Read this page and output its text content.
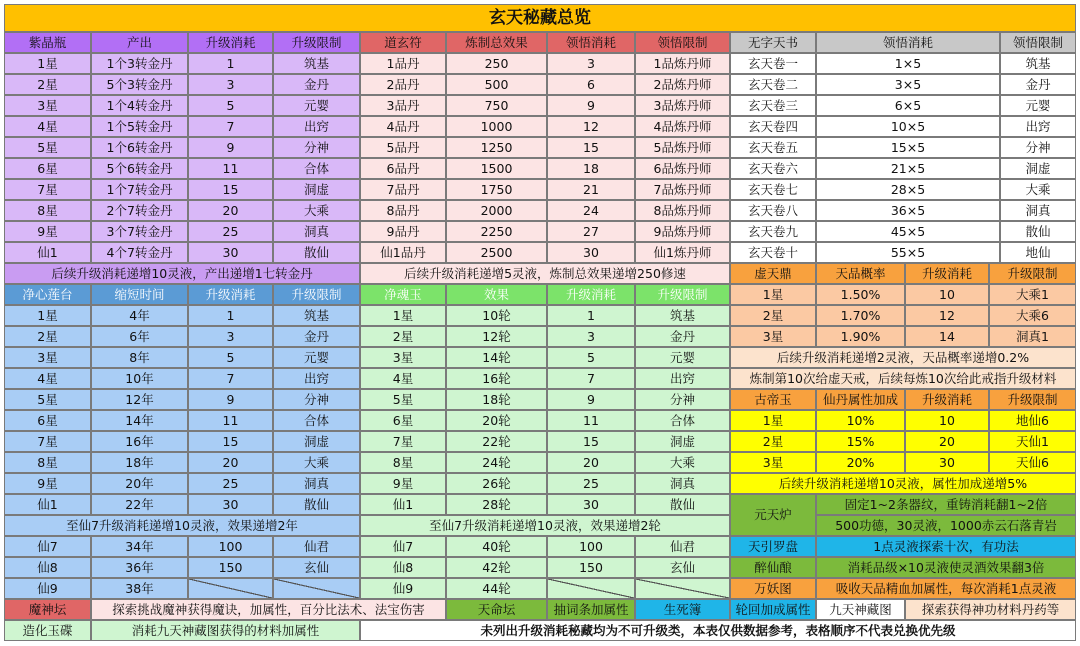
玄天秘藏总览
紫晶瓶	产出	升级消耗	升级限制
1星	1个3转金丹	1	筑基
2星	5个3转金丹	3	金丹
3星	1个4转金丹	5	元婴
4星	1个5转金丹	7	出窍
5星	1个6转金丹	9	分神
6星	5个6转金丹	11	合体
7星	1个7转金丹	15	洞虚
8星	2个7转金丹	20	大乘
9星	3个7转金丹	25	洞真
仙1	4个7转金丹	30	散仙
后续升级消耗递增10灵液，产出递增1七转金丹
道玄符	炼制总效果	领悟消耗	领悟限制
1品丹	250	3	1品炼丹师
2品丹	500	6	2品炼丹师
3品丹	750	9	3品炼丹师
4品丹	1000	12	4品炼丹师
5品丹	1250	15	5品炼丹师
6品丹	1500	18	6品炼丹师
7品丹	1750	21	7品炼丹师
8品丹	2000	24	8品炼丹师
9品丹	2250	27	9品炼丹师
仙1品丹	2500	30	仙1炼丹师
后续升级消耗递增5灵液，炼制总效果递增250修速
无字天书	领悟消耗	领悟限制
玄天卷一	1×5	筑基
玄天卷二	3×5	金丹
玄天卷三	6×5	元婴
玄天卷四	10×5	出窍
玄天卷五	15×5	分神
玄天卷六	21×5	洞虚
玄天卷七	28×5	大乘
玄天卷八	36×5	洞真
玄天卷九	45×5	散仙
玄天卷十	55×5	地仙
虚天鼎	天品概率	升级消耗	升级限制
1星	1.50%	10	大乘1
2星	1.70%	12	大乘6
3星	1.90%	14	洞真1
后续升级消耗递增2灵液，天品概率递增0.2%
炼制第10次给虚天戒，后续每炼10次给此戒指升级材料
古帝玉	仙丹属性加成	升级消耗	升级限制
1星	10%	10	地仙6
2星	15%	20	天仙1
3星	20%	30	天仙6
后续升级消耗递增10灵液，属性加成递增5%
净心莲台	缩短时间	升级消耗	升级限制
1星	4年	1	筑基
2星	6年	3	金丹
3星	8年	5	元婴
4星	10年	7	出窍
5星	12年	9	分神
6星	14年	11	合体
7星	16年	15	洞虚
8星	18年	20	大乘
9星	20年	25	洞真
仙1	22年	30	散仙
至仙7升级消耗递增10灵液，效果递增2年
仙7	34年	100	仙君
仙8	36年	150	玄仙
仙9	38年
净魂玉	效果	升级消耗	升级限制
1星	10轮	1	筑基
2星	12轮	3	金丹
3星	14轮	5	元婴
4星	16轮	7	出窍
5星	18轮	9	分神
6星	20轮	11	合体
7星	22轮	15	洞虚
8星	24轮	20	大乘
9星	26轮	25	洞真
仙1	28轮	30	散仙
至仙7升级消耗递增10灵液，效果递增2轮
仙7	40轮	100	仙君
仙8	42轮	150	玄仙
仙9	44轮
元天炉
固定1~2条器纹，重铸消耗翻1~2倍
500功德，30灵液，1000赤云石落青岩
天引罗盘	1点灵液探索十次，有功法
醉仙酿	消耗品级×10灵液使灵酒效果翻3倍
万妖图	吸收天品精血加属性，每次消耗1点灵液
魔神坛	探索挑战魔神获得魔诀，加属性，百分比法术、法宝伤害	天命坛	抽词条加属性	生死簿	轮回加成属性	九天神藏图	探索获得神功材料丹药等
造化玉碟	消耗九天神藏图获得的材料加属性	未列出升级消耗秘藏均为不可升级类，本表仅供数据参考，表格顺序不代表兑换优先级
